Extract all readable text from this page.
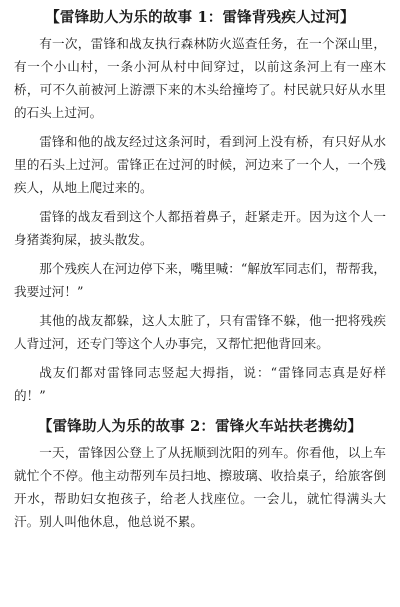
【雷锋助人为乐的故事 1：雷锋背残疾人过河】

有一次，雷锋和战友执行森林防火巡查任务，在一个深山里，有一个小山村，一条小河从村中间穿过，以前这条河上有一座木桥，可不久前被河上游漂下来的木头给撞垮了。村民就只好从水里的石头上过河。

雷锋和他的战友经过这条河时，看到河上没有桥，有只好从水里的石头上过河。雷锋正在过河的时候，河边来了一个人，一个残疾人，从地上爬过来的。

雷锋的战友看到这个人都捂着鼻子，赶紧走开。因为这个人一身猪粪狗屎，披头散发。

那个残疾人在河边停下来，嘴里喊：“解放军同志们，帮帮我，我要过河！”

其他的战友都躲，这人太脏了，只有雷锋不躲，他一把将残疾人背过河，还专门等这个人办事完，又帮忙把他背回来。

战友们都对雷锋同志竖起大拇指，说：“雷锋同志真是好样的！”

【雷锋助人为乐的故事 2：雷锋火车站扶老携幼】

一天，雷锋因公登上了从抚顺到沈阳的列车。你看他，以上车就忙个不停。他主动帮列车员扫地、擦玻璃、收拾桌子，给旅客倒开水，帮助妇女抱孩子，给老人找座位。一会儿，就忙得满头大汗。别人叫他休息，他总说不累。
